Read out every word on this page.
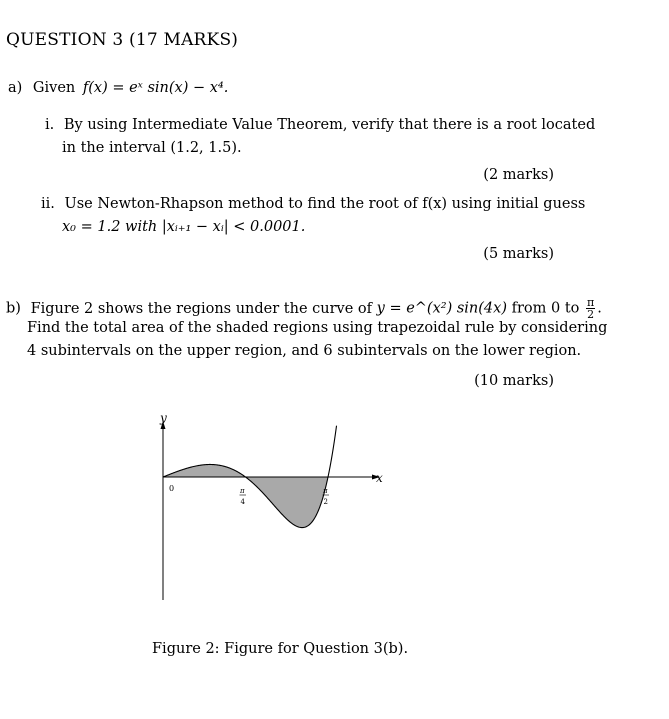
QUESTION 3 (17 MARKS)
a) Given f(x) = eˣ sin(x) − x⁴.
i. By using Intermediate Value Theorem, verify that there is a root located
in the interval (1.2, 1.5).
(2 marks)
ii. Use Newton-Rhapson method to find the root of f(x) using initial guess
x₀ = 1.2 with |xᵢ₊₁ − xᵢ| < 0.0001.
(5 marks)
b) Figure 2 shows the regions under the curve of y = e^(x²) sin(4x) from 0 to $\frac{\pi}{2}$ .
Find the total area of the shaded regions using trapezoidal rule by considering
4 subintervals on the upper region, and 6 subintervals on the lower region.
(10 marks)
y
x
0	π
4
π
2
Figure 2: Figure for Question 3(b).
